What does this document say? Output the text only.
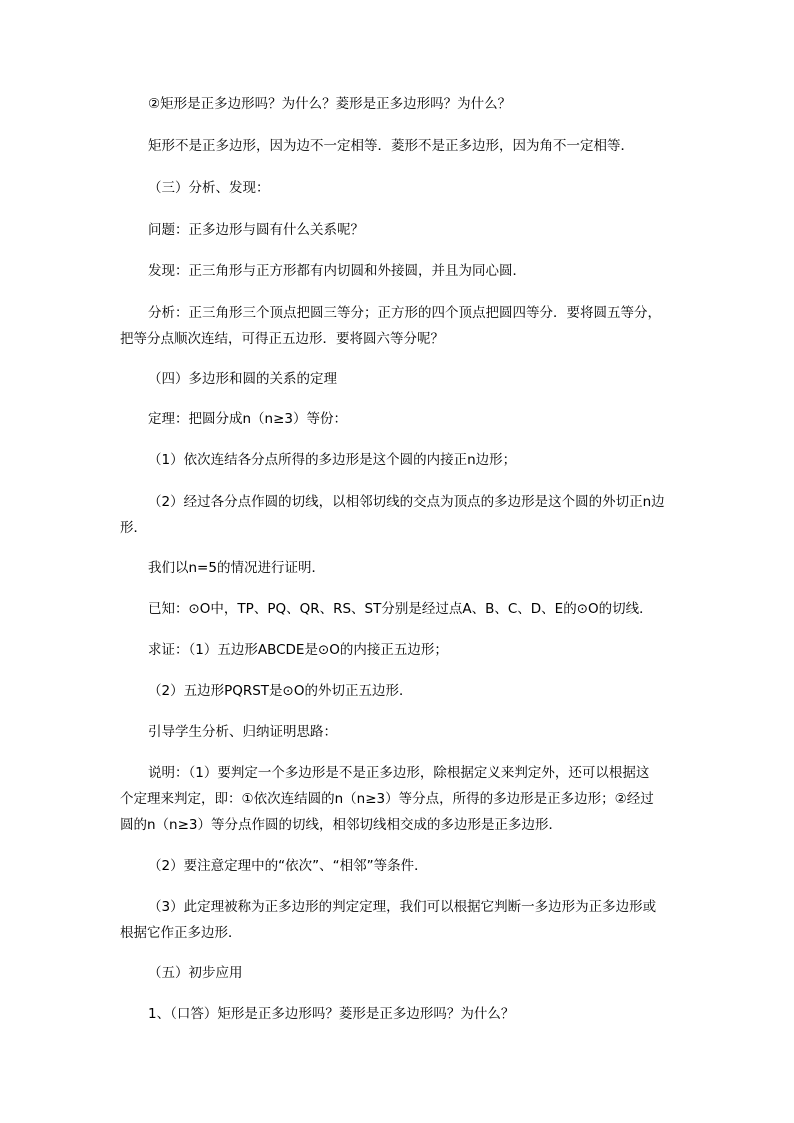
②矩形是正多边形吗？为什么？菱形是正多边形吗？为什么？
矩形不是正多边形，因为边不一定相等．菱形不是正多边形，因为角不一定相等．
（三）分析、发现：
问题：正多边形与圆有什么关系呢？
发现：正三角形与正方形都有内切圆和外接圆，并且为同心圆．
分析：正三角形三个顶点把圆三等分；正方形的四个顶点把圆四等分．要将圆五等分，
把等分点顺次连结，可得正五边形．要将圆六等分呢？
（四）多边形和圆的关系的定理
定理：把圆分成n（n≥3）等份：
（1）依次连结各分点所得的多边形是这个圆的内接正n边形；
（2）经过各分点作圆的切线，以相邻切线的交点为顶点的多边形是这个圆的外切正n边
形．
我们以n=5的情况进行证明．
已知：⊙O中，TP、PQ、QR、RS、ST分别是经过点A、B、C、D、E的⊙O的切线．
求证：（1）五边形ABCDE是⊙O的内接正五边形；
（2）五边形PQRST是⊙O的外切正五边形．
引导学生分析、归纳证明思路：
说明：（1）要判定一个多边形是不是正多边形，除根据定义来判定外，还可以根据这
个定理来判定，即：①依次连结圆的n（n≥3）等分点，所得的多边形是正多边形；②经过
圆的n（n≥3）等分点作圆的切线，相邻切线相交成的多边形是正多边形．
（2）要注意定理中的“依次”、“相邻”等条件．
（3）此定理被称为正多边形的判定定理，我们可以根据它判断一多边形为正多边形或
根据它作正多边形．
（五）初步应用
1、（口答）矩形是正多边形吗？菱形是正多边形吗？为什么？
